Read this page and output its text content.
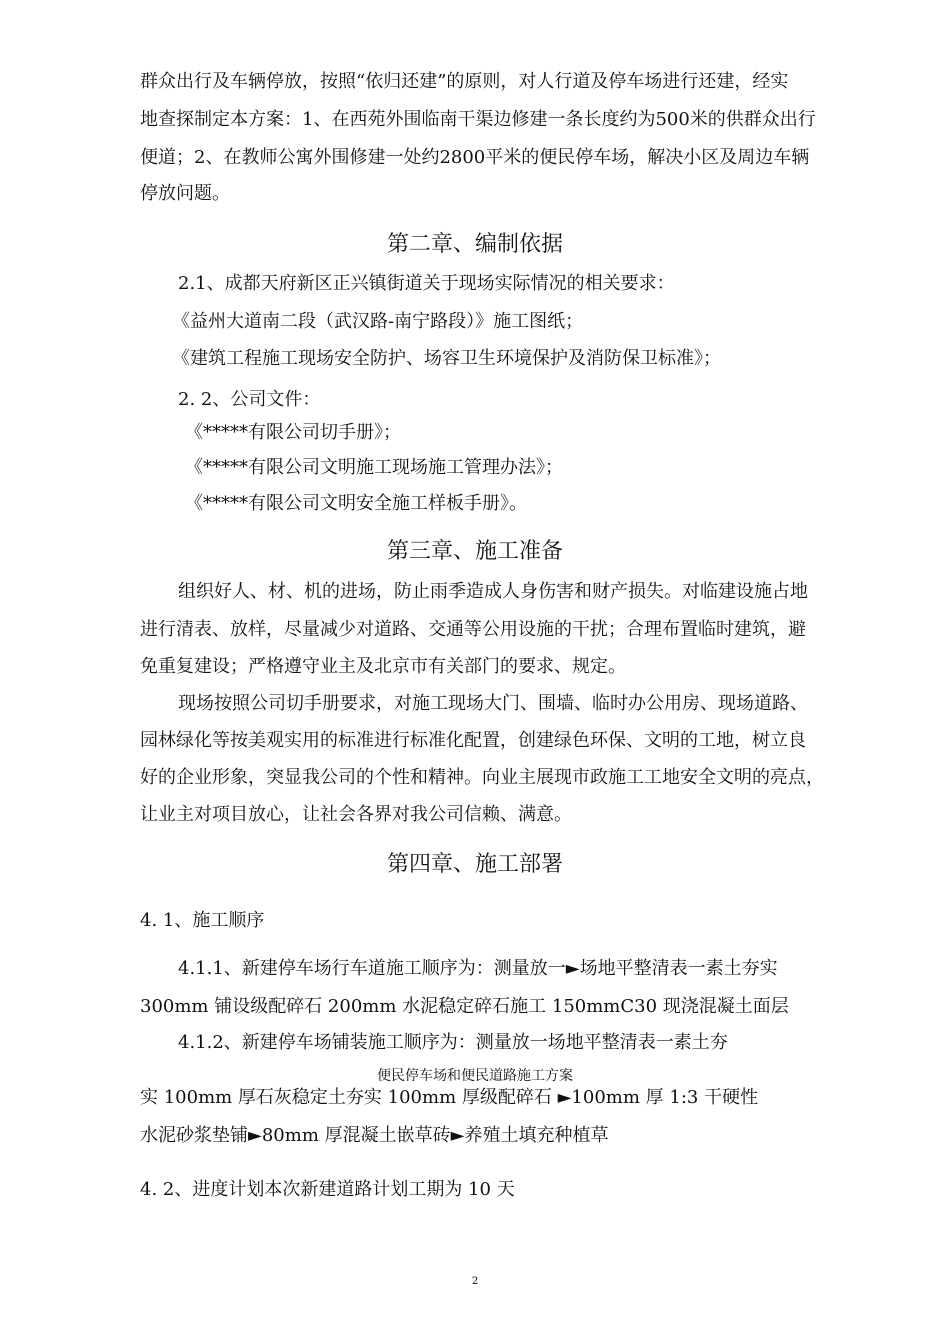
群众出行及车辆停放，按照“依归还建”的原则，对人行道及停车场进行还建，经实
地查探制定本方案：1、在西苑外围临南干渠边修建一条长度约为500米的供群众出行
便道；2、在教师公寓外围修建一处约2800平米的便民停车场，解决小区及周边车辆
停放问题。
第二章、编制依据
2.1、成都天府新区正兴镇街道关于现场实际情况的相关要求：
《益州大道南二段（武汉路-南宁路段）》施工图纸；
《建筑工程施工现场安全防护、场容卫生环境保护及消防保卫标准》；
2. 2、公司文件：
《*****有限公司切手册》；
《*****有限公司文明施工现场施工管理办法》；
《*****有限公司文明安全施工样板手册》。
第三章、施工准备
组织好人、材、机的进场，防止雨季造成人身伤害和财产损失。对临建设施占地
进行清表、放样，尽量减少对道路、交通等公用设施的干扰；合理布置临时建筑，避
免重复建设；严格遵守业主及北京市有关部门的要求、规定。
现场按照公司切手册要求，对施工现场大门、围墙、临时办公用房、现场道路、
园林绿化等按美观实用的标准进行标准化配置，创建绿色环保、文明的工地，树立良
好的企业形象，突显我公司的个性和精神。向业主展现市政施工工地安全文明的亮点，
让业主对项目放心，让社会各界对我公司信赖、满意。
第四章、施工部署
4. 1、施工顺序
4.1.1、新建停车场行车道施工顺序为：测量放一►场地平整清表一素土夯实
300mm 铺设级配碎石 200mm 水泥稳定碎石施工 150mmC30 现浇混凝土面层
4.1.2、新建停车场铺装施工顺序为：测量放一场地平整清表一素土夯
便民停车场和便民道路施工方案
实 100mm 厚石灰稳定土夯实 100mm 厚级配碎石 ►100mm 厚 1:3 干硬性
水泥砂浆垫铺►80mm 厚混凝土嵌草砖►养殖土填充种植草
4. 2、进度计划本次新建道路计划工期为 10 天
2
